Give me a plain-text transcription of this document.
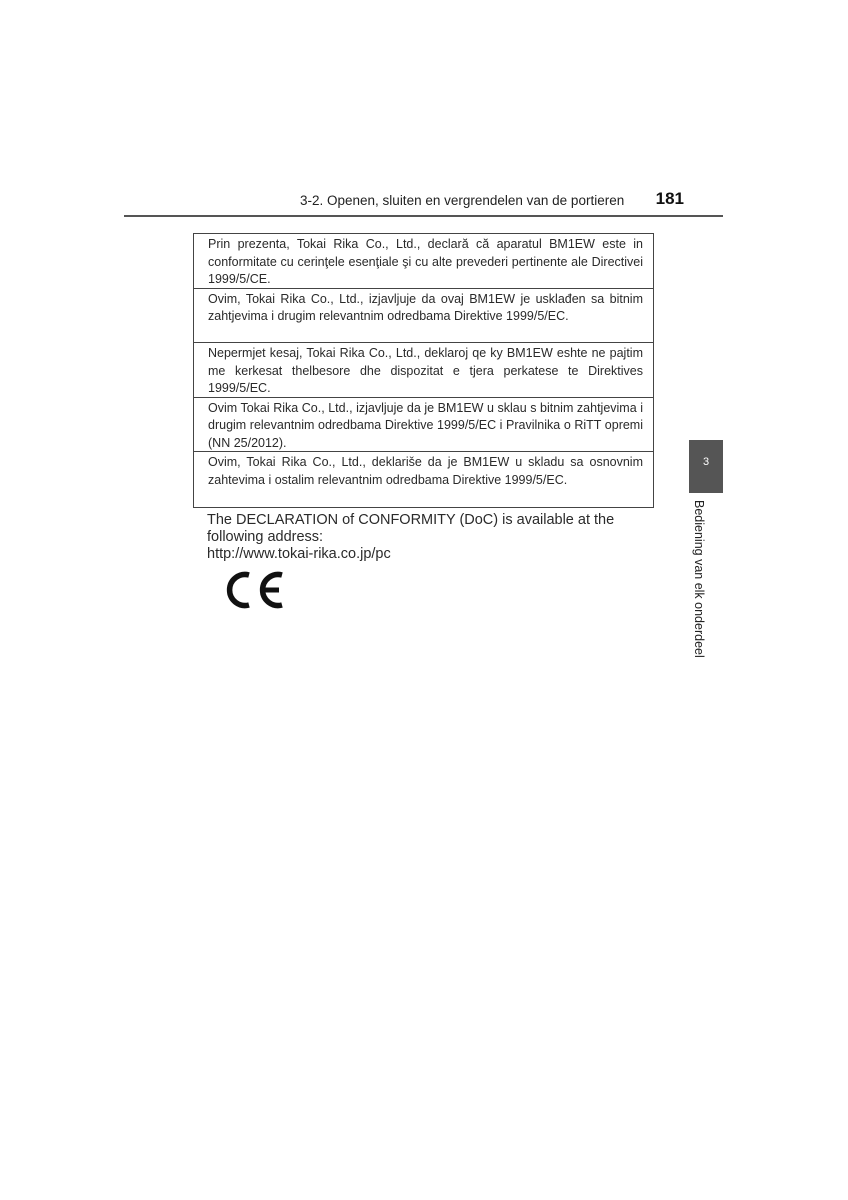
3-2. Openen, sluiten en vergrendelen van de portieren	181
3
Bediening van elk onderdeel
Prin prezenta, Tokai Rika Co., Ltd., declară că aparatul BM1EW este in conformitate cu cerinţele esenţiale şi cu alte prevederi pertinente ale Directivei 1999/5/CE.
Ovim, Tokai Rika Co., Ltd., izjavljuje da ovaj BM1EW je usklađen sa bitnim zahtjevima i drugim relevantnim odredbama Direktive 1999/5/EC.
Nepermjet kesaj, Tokai Rika Co., Ltd., deklaroj qe ky BM1EW eshte ne pajtim me kerkesat thelbesore dhe dispozitat e tjera perkatese te Direktives 1999/5/EC.
Ovim Tokai Rika Co., Ltd., izjavljuje da je BM1EW u sklau s bitnim zahtjevima i drugim relevantnim odredbama Direktive 1999/5/EC i Pravilnika o RiTT opremi (NN 25/2012).
Ovim, Tokai Rika Co., Ltd., deklariše da je BM1EW u skladu sa osnovnim zahtevima i ostalim relevantnim odredbama Direktive 1999/5/EC.
The DECLARATION of CONFORMITY (DoC) is available at the
following address:
http://www.tokai-rika.co.jp/pc
